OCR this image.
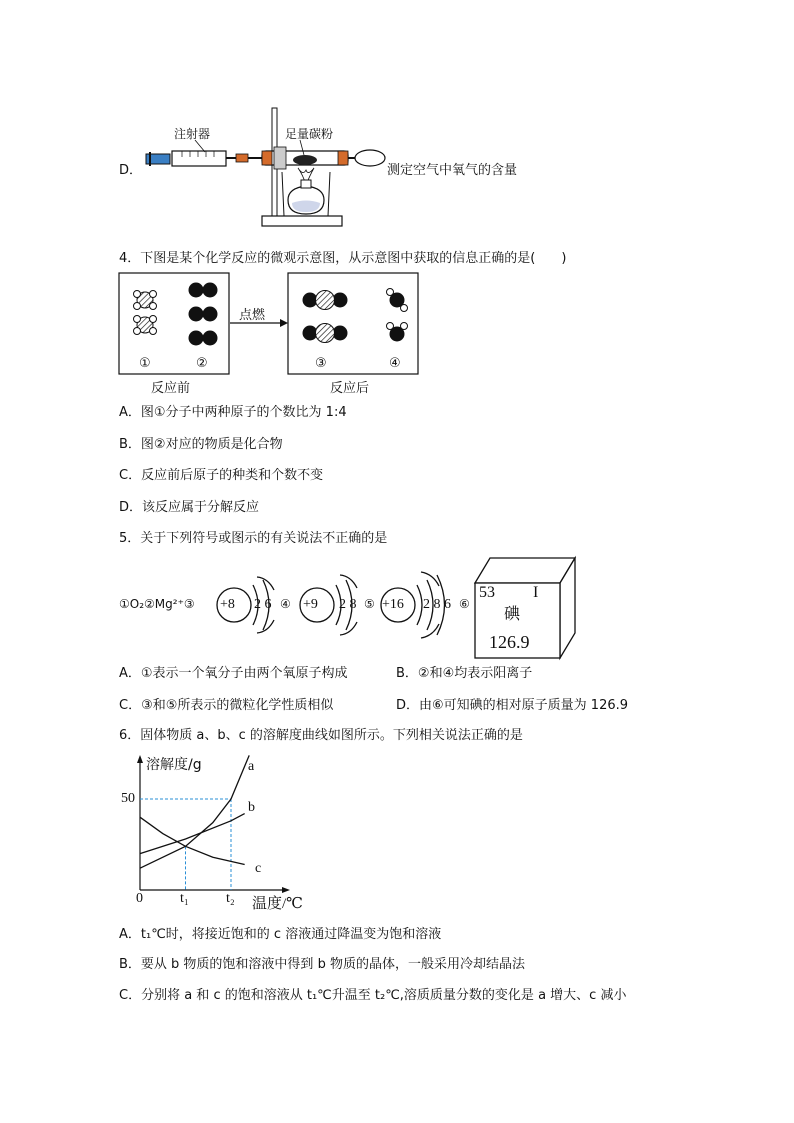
D．
注射器	足量碳粉
测定空气中氧气的含量
4．下图是某个化学反应的微观示意图，从示意图中获取的信息正确的是(　　)
点燃
①	②	③	④
反应前	反应后
A．图①分子中两种原子的个数比为 1:4
B．图②对应的物质是化合物
C．反应前后原子的种类和个数不变
D．该反应属于分解反应
5．关于下列符号或图示的有关说法不正确的是
①O₂②Mg²⁺③ +8 2 6 ④ +9 2 8 ⑤ +16 2 8 6 ⑥
53 I
碘
126.9
A．①表示一个氧分子由两个氧原子构成	B．②和④均表示阳离子
C．③和⑤所表示的微粒化学性质相似	D．由⑥可知碘的相对原子质量为 126.9
6．固体物质 a、b、c 的溶解度曲线如图所示。下列相关说法正确的是
溶解度/g
温度/℃
50
0	t₁	t₂
a
b
c
A．t₁℃时，将接近饱和的 c 溶液通过降温变为饱和溶液
B．要从 b 物质的饱和溶液中得到 b 物质的晶体，一般采用冷却结晶法
C．分别将 a 和 c 的饱和溶液从 t₁℃升温至 t₂℃,溶质质量分数的变化是 a 增大、c 减小
